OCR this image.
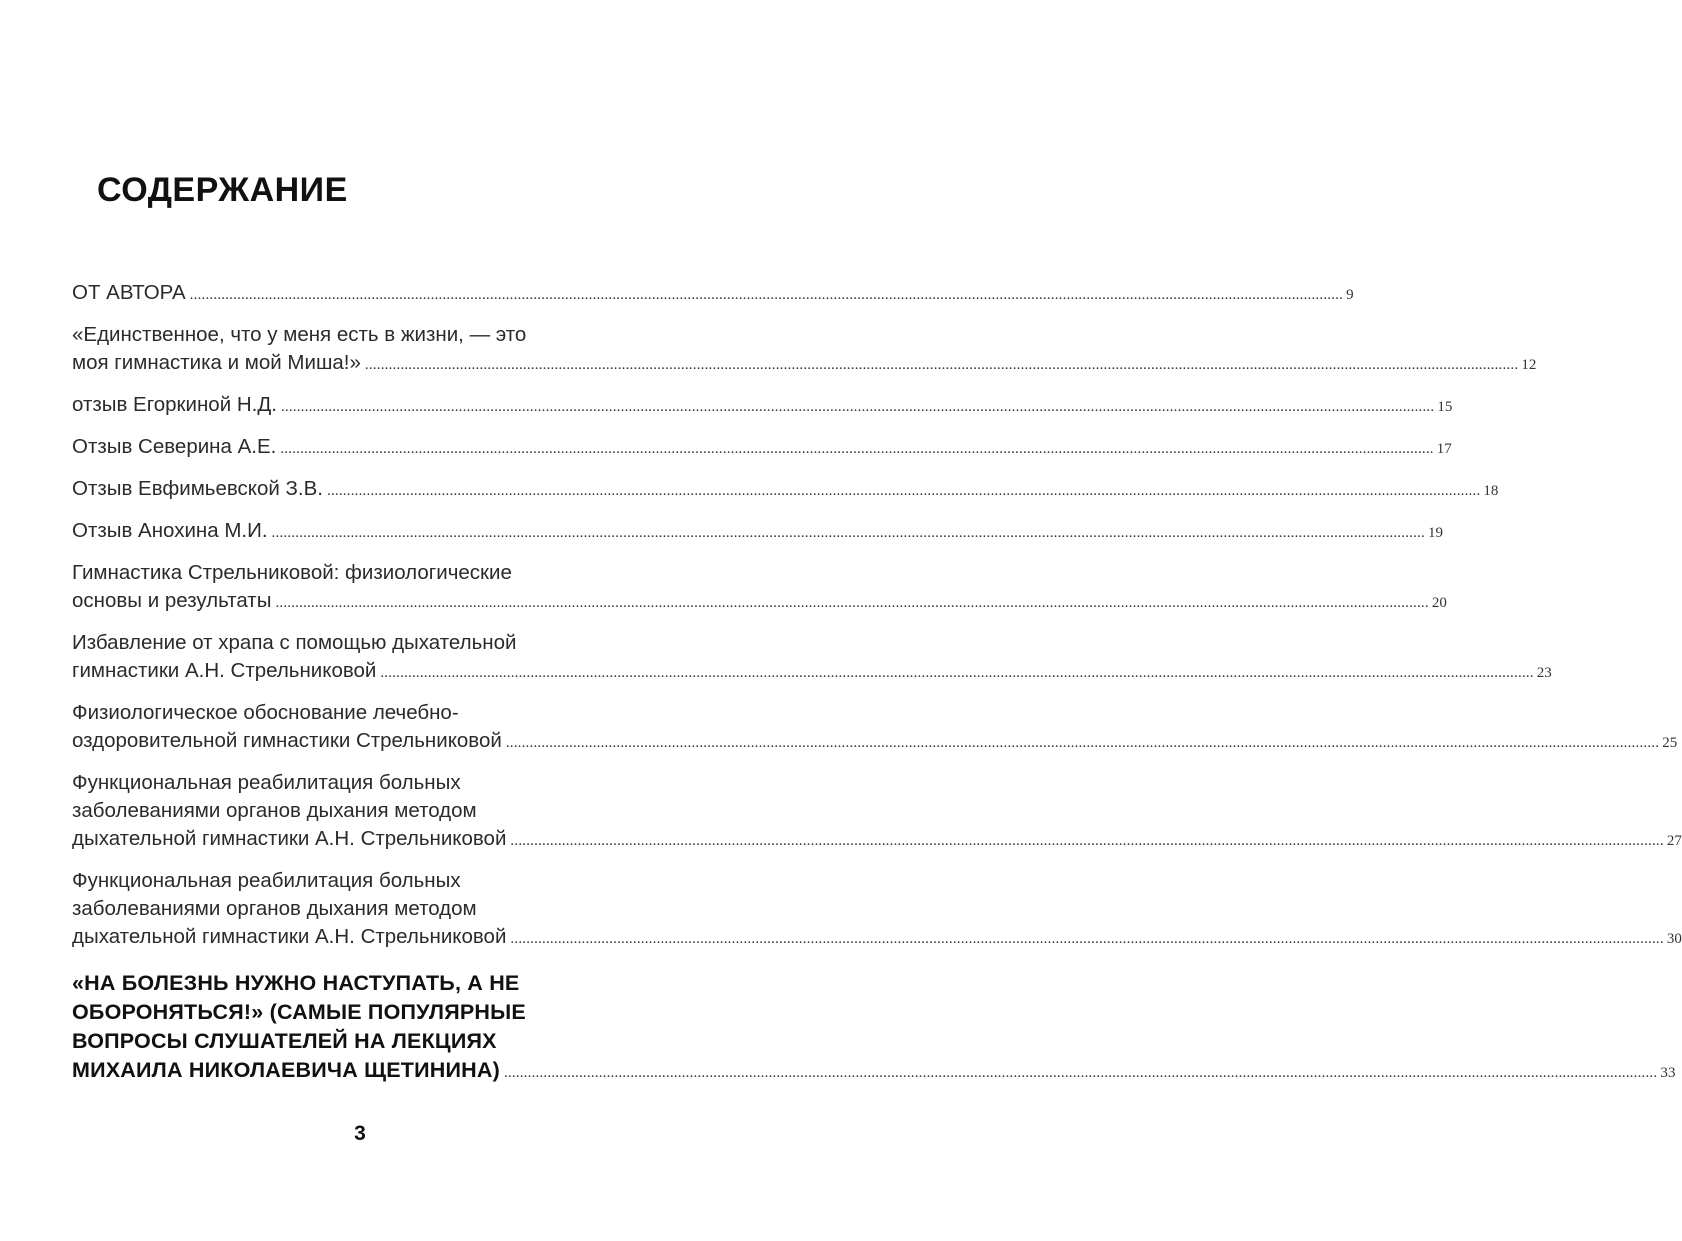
СОДЕРЖАНИЕ
ОТ АВТОРА .................................................................................................................................................................................................................................................................................................... 9
«Единственное, что у меня есть в жизни, — это
моя гимнастика и мой Миша!» .................................................................................................................................................................................................................................................................................................... 12
отзыв Егоркиной Н.Д. .................................................................................................................................................................................................................................................................................................... 15
Отзыв Северина А.Е. .................................................................................................................................................................................................................................................................................................... 17
Отзыв Евфимьевской З.В. .................................................................................................................................................................................................................................................................................................... 18
Отзыв Анохина М.И. .................................................................................................................................................................................................................................................................................................... 19
Гимнастика Стрельниковой: физиологические
основы и результаты .................................................................................................................................................................................................................................................................................................... 20
Избавление от храпа с помощью дыхательной
гимнастики А.Н. Стрельниковой .................................................................................................................................................................................................................................................................................................... 23
Физиологическое обоснование лечебно-
оздоровительной гимнастики Стрельниковой .................................................................................................................................................................................................................................................................................................... 25
Функциональная реабилитация больных
заболеваниями органов дыхания методом
дыхательной гимнастики А.Н. Стрельниковой .................................................................................................................................................................................................................................................................................................... 27
Функциональная реабилитация больных
заболеваниями органов дыхания методом
дыхательной гимнастики А.Н. Стрельниковой .................................................................................................................................................................................................................................................................................................... 30
«НА БОЛЕЗНЬ НУЖНО НАСТУПАТЬ, А НЕ
ОБОРОНЯТЬСЯ!» (САМЫЕ ПОПУЛЯРНЫЕ
ВОПРОСЫ СЛУШАТЕЛЕЙ НА ЛЕКЦИЯХ
МИХАИЛА НИКОЛАЕВИЧА ЩЕТИНИНА) .................................................................................................................................................................................................................................................................................................... 33
3
